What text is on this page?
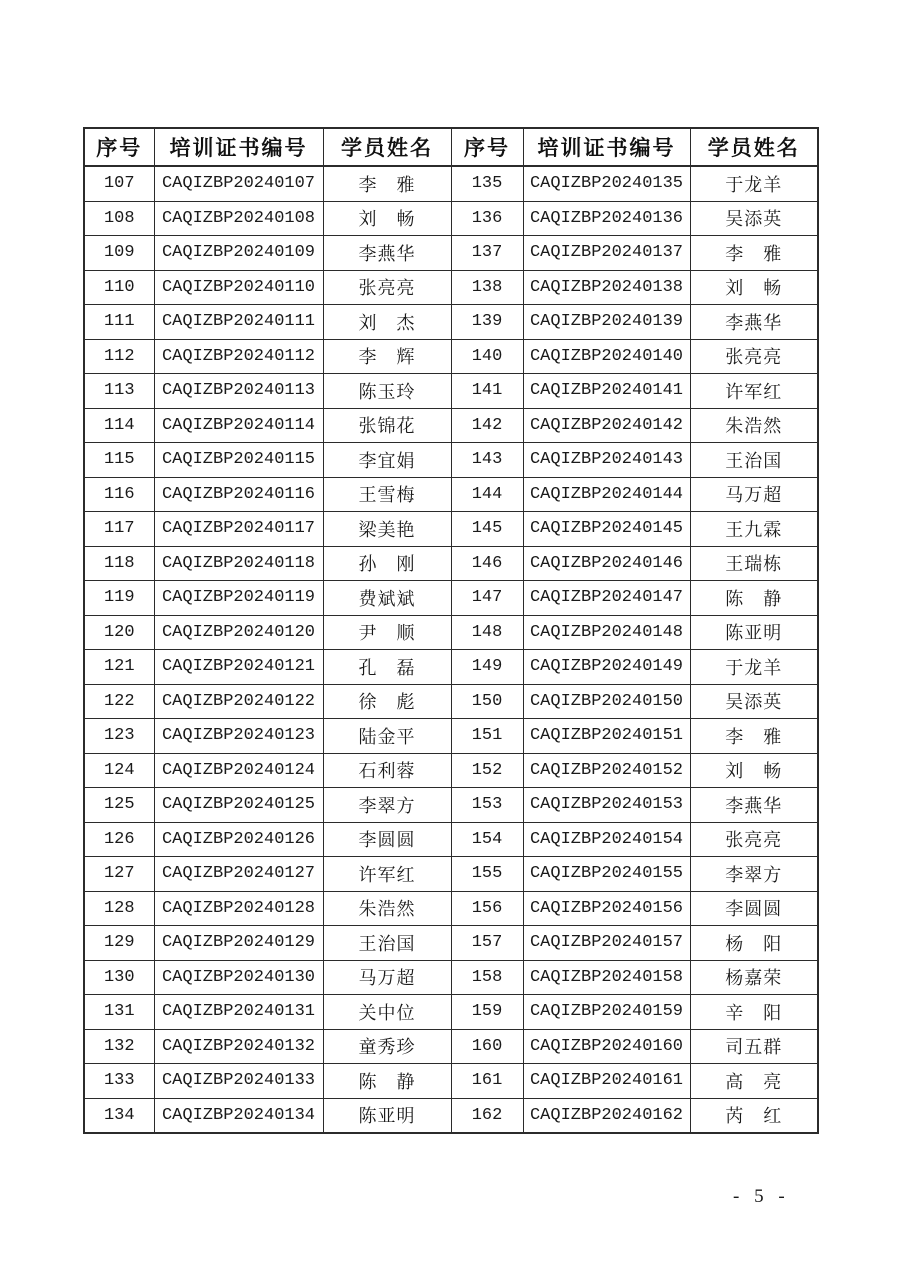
序号	培训证书编号	学员姓名	序号	培训证书编号	学员姓名
107	CAQIZBP20240107	李　雅	135	CAQIZBP20240135	于龙羊
108	CAQIZBP20240108	刘　畅	136	CAQIZBP20240136	吴添英
109	CAQIZBP20240109	李燕华	137	CAQIZBP20240137	李　雅
110	CAQIZBP20240110	张亮亮	138	CAQIZBP20240138	刘　畅
111	CAQIZBP20240111	刘　杰	139	CAQIZBP20240139	李燕华
112	CAQIZBP20240112	李　辉	140	CAQIZBP20240140	张亮亮
113	CAQIZBP20240113	陈玉玲	141	CAQIZBP20240141	许军红
114	CAQIZBP20240114	张锦花	142	CAQIZBP20240142	朱浩然
115	CAQIZBP20240115	李宜娟	143	CAQIZBP20240143	王治国
116	CAQIZBP20240116	王雪梅	144	CAQIZBP20240144	马万超
117	CAQIZBP20240117	梁美艳	145	CAQIZBP20240145	王九霖
118	CAQIZBP20240118	孙　刚	146	CAQIZBP20240146	王瑞栋
119	CAQIZBP20240119	费斌斌	147	CAQIZBP20240147	陈　静
120	CAQIZBP20240120	尹　顺	148	CAQIZBP20240148	陈亚明
121	CAQIZBP20240121	孔　磊	149	CAQIZBP20240149	于龙羊
122	CAQIZBP20240122	徐　彪	150	CAQIZBP20240150	吴添英
123	CAQIZBP20240123	陆金平	151	CAQIZBP20240151	李　雅
124	CAQIZBP20240124	石利蓉	152	CAQIZBP20240152	刘　畅
125	CAQIZBP20240125	李翠方	153	CAQIZBP20240153	李燕华
126	CAQIZBP20240126	李圆圆	154	CAQIZBP20240154	张亮亮
127	CAQIZBP20240127	许军红	155	CAQIZBP20240155	李翠方
128	CAQIZBP20240128	朱浩然	156	CAQIZBP20240156	李圆圆
129	CAQIZBP20240129	王治国	157	CAQIZBP20240157	杨　阳
130	CAQIZBP20240130	马万超	158	CAQIZBP20240158	杨嘉荣
131	CAQIZBP20240131	关中位	159	CAQIZBP20240159	辛　阳
132	CAQIZBP20240132	童秀珍	160	CAQIZBP20240160	司五群
133	CAQIZBP20240133	陈　静	161	CAQIZBP20240161	高　亮
134	CAQIZBP20240134	陈亚明	162	CAQIZBP20240162	芮　红
- 5 -
